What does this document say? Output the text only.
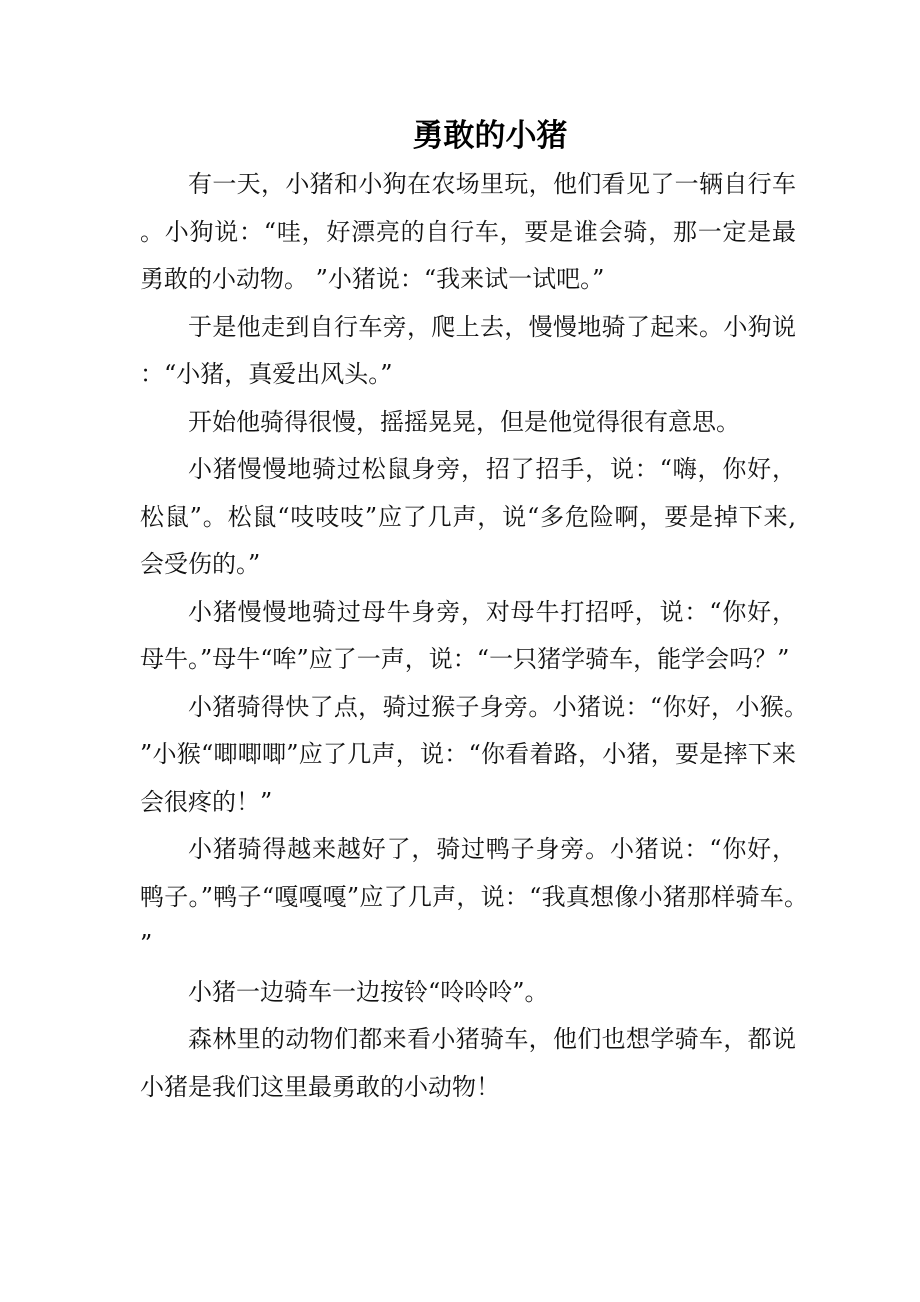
勇敢的小猪

有一天，小猪和小狗在农场里玩，他们看见了一辆自行车。小狗说：“哇，好漂亮的自行车，要是谁会骑，那一定是最勇敢的小动物。 ”小猪说：“我来试一试吧。”

于是他走到自行车旁，爬上去，慢慢地骑了起来。小狗说：“小猪，真爱出风头。”

开始他骑得很慢，摇摇晃晃，但是他觉得很有意思。

小猪慢慢地骑过松鼠身旁，招了招手，说：“嗨，你好，松鼠”。松鼠“吱吱吱”应了几声，说“多危险啊，要是掉下来,会受伤的。”

小猪慢慢地骑过母牛身旁，对母牛打招呼，说：“你好，母牛。”母牛“哞”应了一声，说：“一只猪学骑车，能学会吗？”

小猪骑得快了点，骑过猴子身旁。小猪说：“你好，小猴。”小猴“唧唧唧”应了几声，说：“你看着路，小猪，要是摔下来会很疼的！”

小猪骑得越来越好了，骑过鸭子身旁。小猪说：“你好，鸭子。”鸭子“嘎嘎嘎”应了几声，说：“我真想像小猪那样骑车。”

小猪一边骑车一边按铃“呤呤呤”。

森林里的动物们都来看小猪骑车，他们也想学骑车，都说小猪是我们这里最勇敢的小动物！
